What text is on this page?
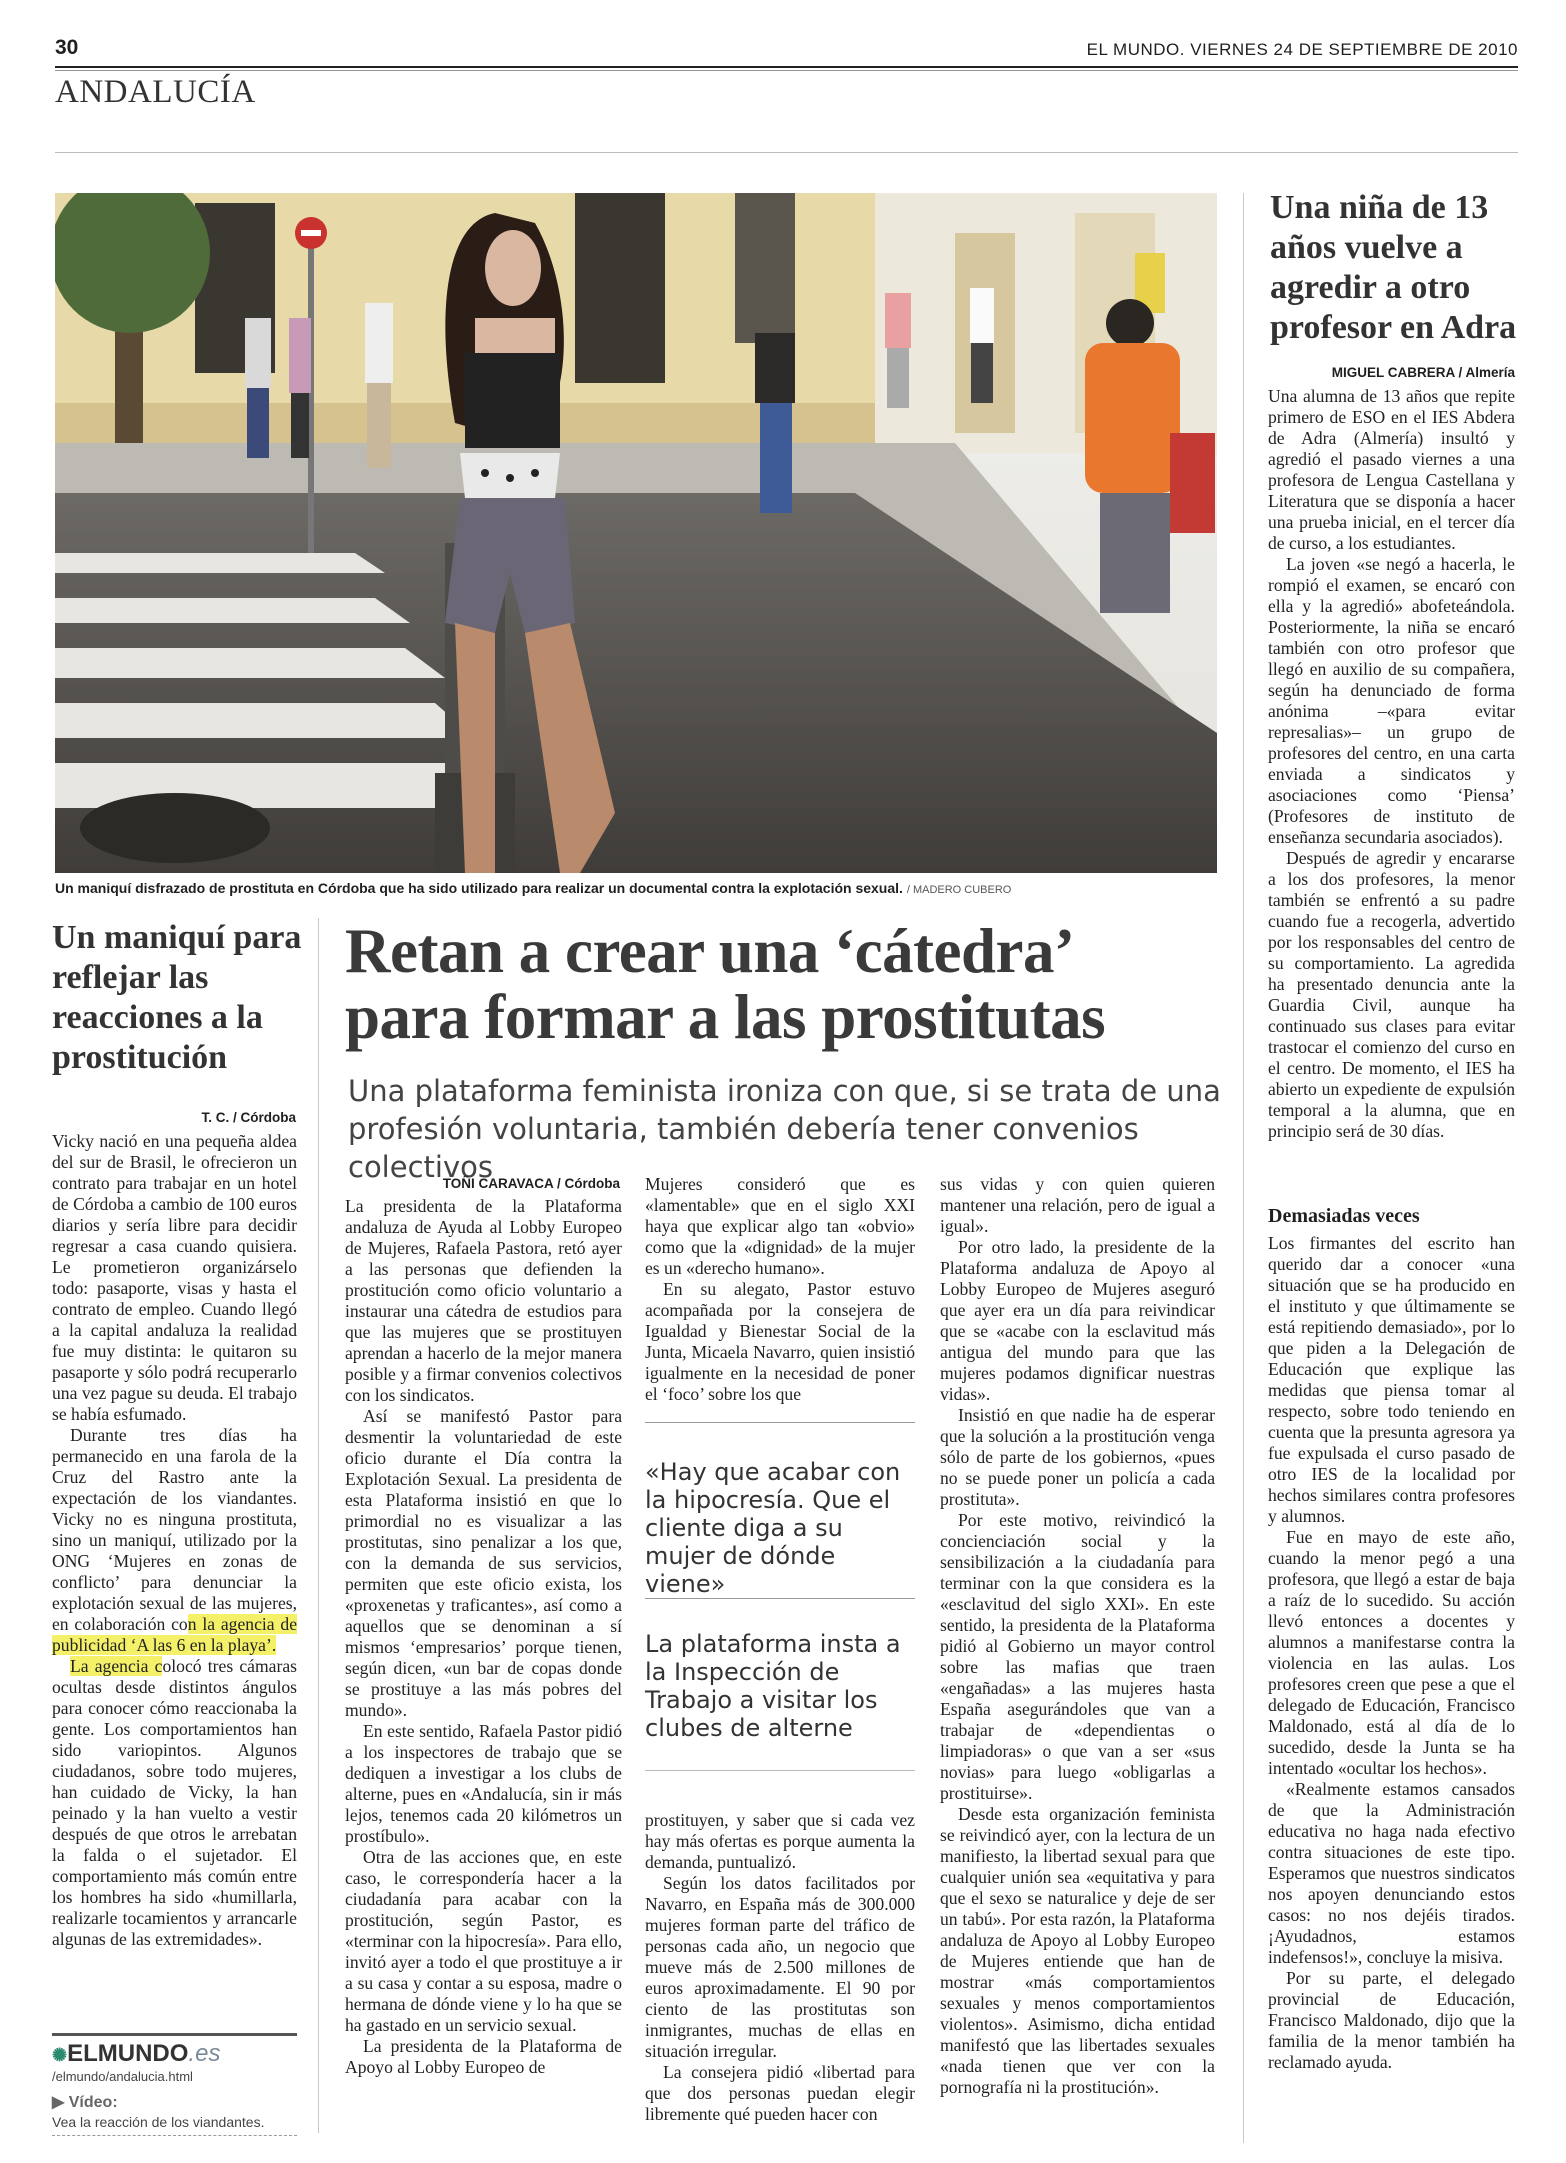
30	EL MUNDO. VIERNES 24 DE SEPTIEMBRE DE 2010
ANDALUCÍA
Un maniquí disfrazado de prostituta en Córdoba que ha sido utilizado para realizar un documental contra la explotación sexual. / MADERO CUBERO
Una niña de 13 años vuelve a agredir a otro profesor en Adra
MIGUEL CABRERA / Almería

Una alumna de 13 años que repite primero de ESO en el IES Abdera de Adra (Almería) insultó y agredió el pasado viernes a una profesora de Lengua Castellana y Literatura que se disponía a hacer una prueba inicial, en el tercer día de curso, a los estudiantes.

La joven «se negó a hacerla, le rompió el examen, se encaró con ella y la agredió» abofeteándola. Posteriormente, la niña se encaró también con otro profesor que llegó en auxilio de su compañera, según ha denunciado de forma anónima –«para evitar represalias»– un grupo de profesores del centro, en una carta enviada a sindicatos y asociaciones como ‘Piensa’ (Profesores de instituto de enseñanza secundaria asociados).

Después de agredir y encararse a los dos profesores, la menor también se enfrentó a su padre cuando fue a recogerla, advertido por los responsables del centro de su comportamiento. La agredida ha presentado denuncia ante la Guardia Civil, aunque ha continuado sus clases para evitar trastocar el comienzo del curso en el centro. De momento, el IES ha abierto un expediente de expulsión temporal a la alumna, que en principio será de 30 días.

Demasiadas veces

Los firmantes del escrito han querido dar a conocer «una situación que se ha producido en el instituto y que últimamente se está repitiendo demasiado», por lo que piden a la Delegación de Educación que explique las medidas que piensa tomar al respecto, sobre todo teniendo en cuenta que la presunta agresora ya fue expulsada el curso pasado de otro IES de la localidad por hechos similares contra profesores y alumnos.

Fue en mayo de este año, cuando la menor pegó a una profesora, que llegó a estar de baja a raíz de lo sucedido. Su acción llevó entonces a docentes y alumnos a manifestarse contra la violencia en las aulas. Los profesores creen que pese a que el delegado de Educación, Francisco Maldonado, está al día de lo sucedido, desde la Junta se ha intentado «ocultar los hechos».

«Realmente estamos cansados de que la Administración educativa no haga nada efectivo contra situaciones de este tipo. Esperamos que nuestros sindicatos nos apoyen denunciando estos casos: no nos dejéis tirados. ¡Ayudadnos, estamos indefensos!», concluye la misiva.

Por su parte, el delegado provincial de Educación, Francisco Maldonado, dijo que la familia de la menor también ha reclamado ayuda.

Un maniquí para reflejar las reacciones a la prostitución
T. C. / Córdoba

Vicky nació en una pequeña aldea del sur de Brasil, le ofrecieron un contrato para trabajar en un hotel de Córdoba a cambio de 100 euros diarios y sería libre para decidir regresar a casa cuando quisiera. Le prometieron organizárselo todo: pasaporte, visas y hasta el contrato de empleo. Cuando llegó a la capital andaluza la realidad fue muy distinta: le quitaron su pasaporte y sólo podrá recuperarlo una vez pague su deuda. El trabajo se había esfumado.

Durante tres días ha permanecido en una farola de la Cruz del Rastro ante la expectación de los viandantes. Vicky no es ninguna prostituta, sino un maniquí, utilizado por la ONG ‘Mujeres en zonas de conflicto’ para denunciar la explotación sexual de las mujeres, en colaboración con la agencia de publicidad ‘A las 6 en la playa’.

La agencia colocó tres cámaras ocultas desde distintos ángulos para conocer cómo reaccionaba la gente. Los comportamientos han sido variopintos. Algunos ciudadanos, sobre todo mujeres, han cuidado de Vicky, la han peinado y la han vuelto a vestir después de que otros le arrebatan la falda o el sujetador. El comportamiento más común entre los hombres ha sido «humillarla, realizarle tocamientos y arrancarle algunas de las extremidades».

✺ELMUNDO.es
/elmundo/andalucia.html
▶ Vídeo:
Vea la reacción de los viandantes.
Retan a crear una ‘cátedra’
para formar a las prostitutas
Una plataforma feminista ironiza con que, si se trata de una
profesión voluntaria, también debería tener convenios colectivos
TOÑI CARAVACA / Córdoba

La presidenta de la Plataforma andaluza de Ayuda al Lobby Europeo de Mujeres, Rafaela Pastora, retó ayer a las personas que defienden la prostitución como oficio voluntario a instaurar una cátedra de estudios para que las mujeres que se prostituyen aprendan a hacerlo de la mejor manera posible y a firmar convenios colectivos con los sindicatos.

Así se manifestó Pastor para desmentir la voluntariedad de este oficio durante el Día contra la Explotación Sexual. La presidenta de esta Plataforma insistió en que lo primordial no es visualizar a las prostitutas, sino penalizar a los que, con la demanda de sus servicios, permiten que este oficio exista, los «proxenetas y traficantes», así como a aquellos que se denominan a sí mismos ‘empresarios’ porque tienen, según dicen, «un bar de copas donde se prostituye a las más pobres del mundo».

En este sentido, Rafaela Pastor pidió a los inspectores de trabajo que se dediquen a investigar a los clubs de alterne, pues en «Andalucía, sin ir más lejos, tenemos cada 20 kilómetros un prostíbulo».

Otra de las acciones que, en este caso, le correspondería hacer a la ciudadanía para acabar con la prostitución, según Pastor, es «terminar con la hipocresía». Para ello, invitó ayer a todo el que prostituye a ir a su casa y contar a su esposa, madre o hermana de dónde viene y lo ha que se ha gastado en un servicio sexual.

La presidenta de la Plataforma de Apoyo al Lobby Europeo de

Mujeres consideró que es «lamentable» que en el siglo XXI haya que explicar algo tan «obvio» como que la «dignidad» de la mujer es un «derecho humano».

En su alegato, Pastor estuvo acompañada por la consejera de Igualdad y Bienestar Social de la Junta, Micaela Navarro, quien insistió igualmente en la necesidad de poner el ‘foco’ sobre los que

«Hay que acabar con la hipocresía. Que el cliente diga a su mujer de dónde viene»
La plataforma insta a la Inspección de Trabajo a visitar los clubes de alterne

prostituyen, y saber que si cada vez hay más ofertas es porque aumenta la demanda, puntualizó.

Según los datos facilitados por Navarro, en España más de 300.000 mujeres forman parte del tráfico de personas cada año, un negocio que mueve más de 2.500 millones de euros aproximadamente. El 90 por ciento de las prostitutas son inmigrantes, muchas de ellas en situación irregular.

La consejera pidió «libertad para que dos personas puedan elegir libremente qué pueden hacer con

sus vidas y con quien quieren mantener una relación, pero de igual a igual».

Por otro lado, la presidente de la Plataforma andaluza de Apoyo al Lobby Europeo de Mujeres aseguró que ayer era un día para reivindicar que se «acabe con la esclavitud más antigua del mundo para que las mujeres podamos dignificar nuestras vidas».

Insistió en que nadie ha de esperar que la solución a la prostitución venga sólo de parte de los gobiernos, «pues no se puede poner un policía a cada prostituta».

Por este motivo, reivindicó la concienciación social y la sensibilización a la ciudadanía para terminar con la que considera es la «esclavitud del siglo XXI». En este sentido, la presidenta de la Plataforma pidió al Gobierno un mayor control sobre las mafias que traen «engañadas» a las mujeres hasta España asegurándoles que van a trabajar de «dependientas o limpiadoras» o que van a ser «sus novias» para luego «obligarlas a prostituirse».

Desde esta organización feminista se reivindicó ayer, con la lectura de un manifiesto, la libertad sexual para que cualquier unión sea «equitativa y para que el sexo se naturalice y deje de ser un tabú». Por esta razón, la Plataforma andaluza de Apoyo al Lobby Europeo de Mujeres entiende que han de mostrar «más comportamientos sexuales y menos comportamientos violentos». Asimismo, dicha entidad manifestó que las libertades sexuales «nada tienen que ver con la pornografía ni la prostitución».
